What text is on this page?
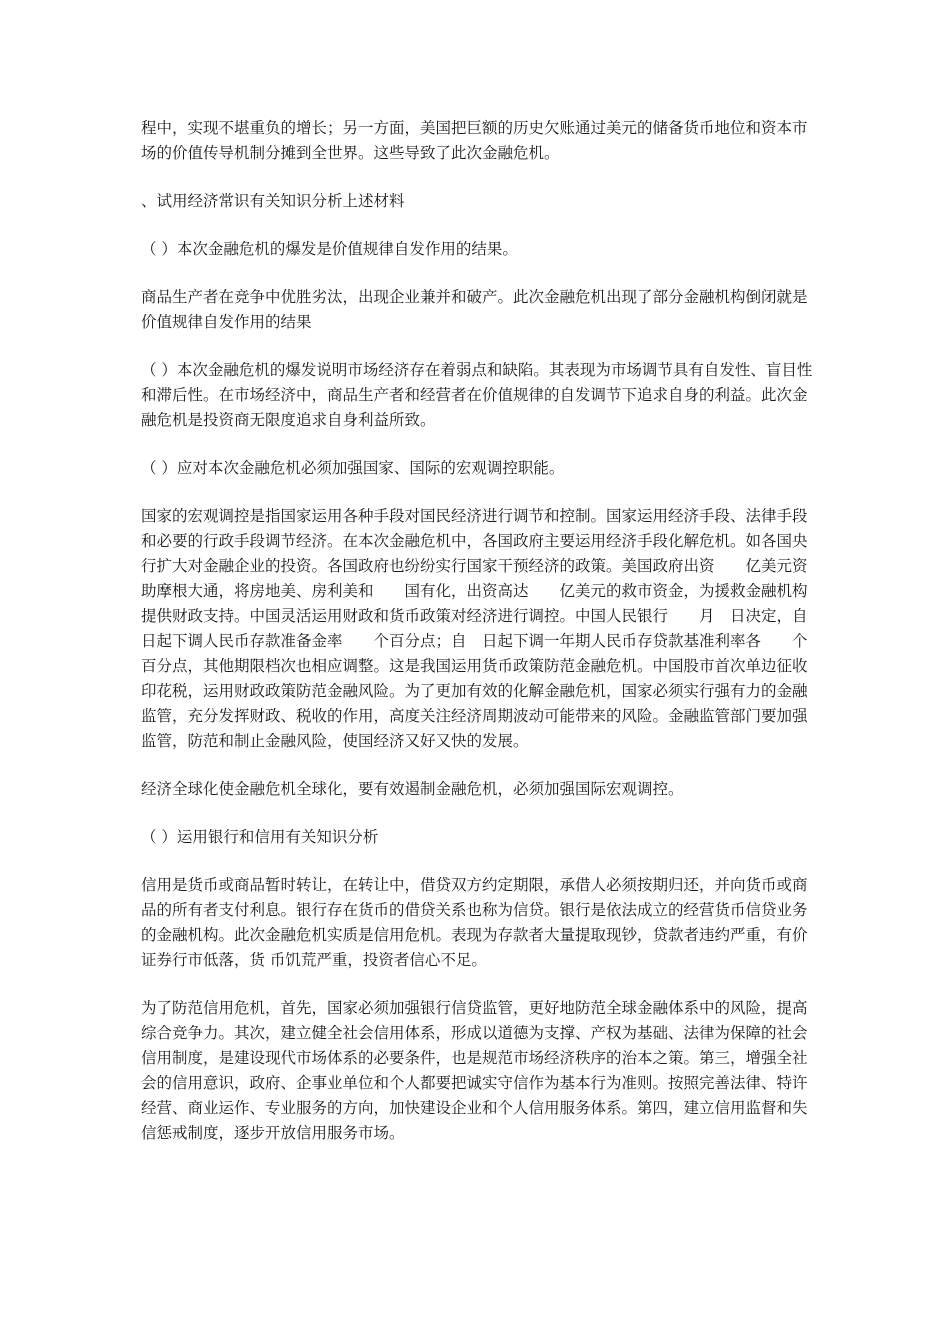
程中，实现不堪重负的增长；另一方面，美国把巨额的历史欠账通过美元的储备货币地位和资本市场的价值传导机制分摊到全世界。这些导致了此次金融危机。

、试用经济常识有关知识分析上述材料

（ ）本次金融危机的爆发是价值规律自发作用的结果。

商品生产者在竞争中优胜劣汰，出现企业兼并和破产。此次金融危机出现了部分金融机构倒闭就是价值规律自发作用的结果

（ ）本次金融危机的爆发说明市场经济存在着弱点和缺陷。其表现为市场调节具有自发性、盲目性和滞后性。在市场经济中，商品生产者和经营者在价值规律的自发调节下追求自身的利益。此次金融危机是投资商无限度追求自身利益所致。

（ ）应对本次金融危机必须加强国家、国际的宏观调控职能。

国家的宏观调控是指国家运用各种手段对国民经济进行调节和控制。国家运用经济手段、法律手段和必要的行政手段调节经济。在本次金融危机中，各国政府主要运用经济手段化解危机。如各国央行扩大对金融企业的投资。各国政府也纷纷实行国家干预经济的政策。美国政府出资　　亿美元资助摩根大通，将房地美、房利美和　　国有化，出资高达　　亿美元的救市资金，为援救金融机构提供财政支持。中国灵活运用财政和货币政策对经济进行调控。中国人民银行　　月　日决定，自　　日起下调人民币存款准备金率　　个百分点；自　日起下调一年期人民币存贷款基准利率各　　个百分点，其他期限档次也相应调整。这是我国运用货币政策防范金融危机。中国股市首次单边征收印花税，运用财政政策防范金融风险。为了更加有效的化解金融危机，国家必须实行强有力的金融监管，充分发挥财政、税收的作用，高度关注经济周期波动可能带来的风险。金融监管部门要加强监管，防范和制止金融风险，使国经济又好又快的发展。

经济全球化使金融危机全球化，要有效遏制金融危机，必须加强国际宏观调控。

（ ）运用银行和信用有关知识分析

信用是货币或商品暂时转让，在转让中，借贷双方约定期限，承借人必须按期归还，并向货币或商品的所有者支付利息。银行存在货币的借贷关系也称为信贷。银行是依法成立的经营货币信贷业务的金融机构。此次金融危机实质是信用危机。表现为存款者大量提取现钞，贷款者违约严重，有价证券行市低落，货 币饥荒严重，投资者信心不足。

为了防范信用危机，首先，国家必须加强银行信贷监管，更好地防范全球金融体系中的风险，提高综合竞争力。其次，建立健全社会信用体系，形成以道德为支撑、产权为基础、法律为保障的社会信用制度，是建设现代市场体系的必要条件，也是规范市场经济秩序的治本之策。第三，增强全社会的信用意识，政府、企事业单位和个人都要把诚实守信作为基本行为准则。按照完善法律、特许经营、商业运作、专业服务的方向，加快建设企业和个人信用服务体系。第四，建立信用监督和失信惩戒制度，逐步开放信用服务市场。
